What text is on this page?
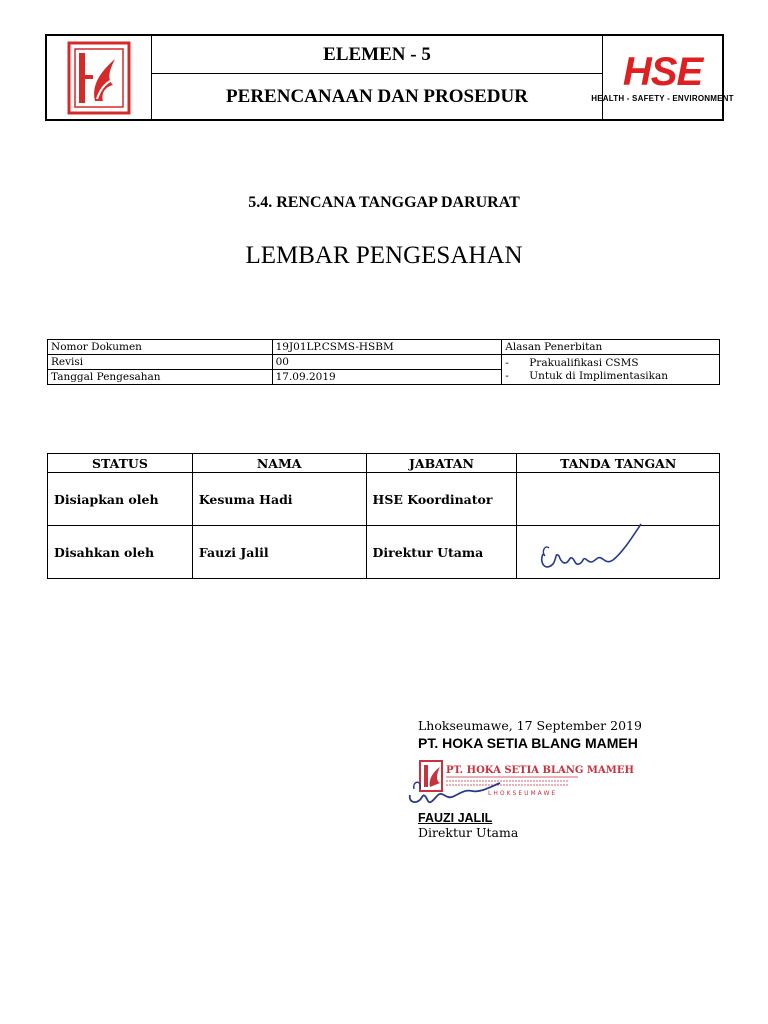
ELEMEN - 5
PERENCANAAN DAN PROSEDUR
HSE
HEALTH - SAFETY - ENVIRONMENT
5.4. RENCANA TANGGAP DARURAT
LEMBAR PENGESAHAN
Nomor Dokumen	19J01LP.CSMS-HSBM	Alasan Penerbitan
Revisi	00	- Prakualifikasi CSMS
- Untuk di Implimentasikan

Tanggal Pengesahan	17.09.2019	
STATUS	NAMA	JABATAN	TANDA TANGAN
Disiapkan oleh	Kesuma Hadi	HSE Koordinator	
Disahkan oleh	Fauzi Jalil	Direktur Utama	
Lhokseumawe, 17 September 2019
PT. HOKA SETIA BLANG MAMEH
PT. HOKA SETIA BLANG MAMEH
LHOKSEUMAWE
FAUZI JALIL
Direktur Utama
